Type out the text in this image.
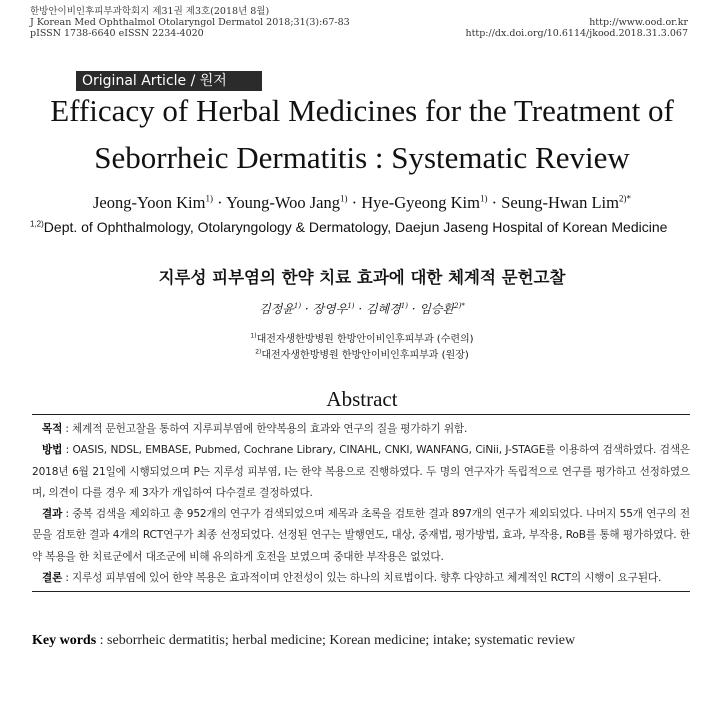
한방안이비인후피부과학회지 제31권 제3호(2018년 8월)
J Korean Med Ophthalmol Otolaryngol Dermatol 2018;31(3):67-83
pISSN 1738-6640 eISSN 2234-4020
http://www.ood.or.kr
http://dx.doi.org/10.6114/jkood.2018.31.3.067
Original Article / 원저
Efficacy of Herbal Medicines for the Treatment of
Seborrheic Dermatitis : Systematic Review
Jeong-Yoon Kim$^{1)}$ · Young-Woo Jang$^{1)}$ · Hye-Gyeong Kim$^{1)}$ · Seung-Hwan Lim$^{2)*}$
$^{1,2)}$Dept. of Ophthalmology, Otolaryngology & Dermatology, Daejun Jaseng Hospital of Korean Medicine
지루성 피부염의 한약 치료 효과에 대한 체계적 문헌고찰
김정윤$^{1)}$ · 장영우$^{1)}$ · 김혜경$^{1)}$ · 임승환$^{2)*}$
$^{1)}$대전자생한방병원 한방안이비인후피부과 (수련의)
$^{2)}$대전자생한방병원 한방안이비인후피부과 (원장)
Abstract

목적 : 체계적 문헌고찰을 통하여 지루피부염에 한약복용의 효과와 연구의 질을 평가하기 위함.

방법 : OASIS, NDSL, EMBASE, Pubmed, Cochrane Library, CINAHL, CNKI, WANFANG, CiNii, J-STAGE를 이용하여 검색하였다. 검색은 2018년 6월 21일에 시행되었으며 P는 지루성 피부염, I는 한약 복용으로 진행하였다. 두 명의 연구자가 독립적으로 연구를 평가하고 선정하였으며, 의견이 다를 경우 제 3자가 개입하여 다수결로 결정하였다.

결과 : 중복 검색을 제외하고 총 952개의 연구가 검색되었으며 제목과 초록을 검토한 결과 897개의 연구가 제외되었다. 나머지 55개 연구의 전문을 검토한 결과 4개의 RCT연구가 최종 선정되었다. 선정된 연구는 발행연도, 대상, 중재법, 평가방법, 효과, 부작용, RoB를 통해 평가하였다. 한약 복용을 한 치료군에서 대조군에 비해 유의하게 호전을 보였으며 중대한 부작용은 없었다.

결론 : 지루성 피부염에 있어 한약 복용은 효과적이며 안전성이 있는 하나의 치료법이다. 향후 다양하고 체계적인 RCT의 시행이 요구된다.

Key words : seborrheic dermatitis; herbal medicine; Korean medicine; intake; systematic review
